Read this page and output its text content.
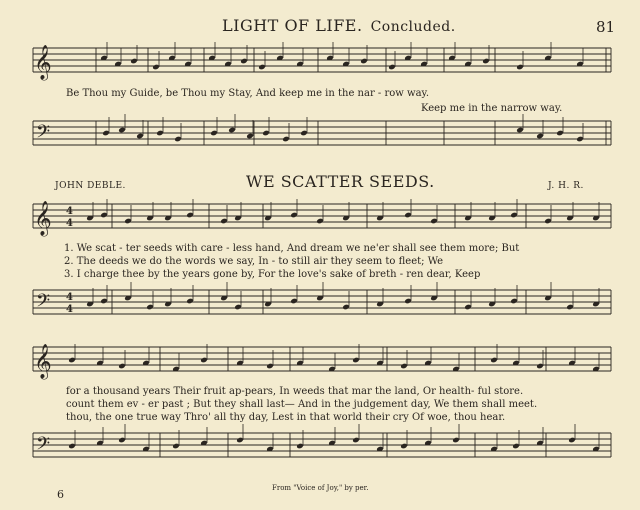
LIGHT OF LIFE. Concluded.	81
WE SCATTER SEEDS.
JOHN DEBLE.	J. H. R.
Be Thou my Guide, be Thou my Stay, And keep me in the nar - row way.
Keep me in the narrow way.
1. We scat - ter seeds with care - less hand, And dream we ne'er shall see them more; But
2. The deeds we do the words we say, In - to still air they seem to fleet; We
3. I charge thee by the years gone by, For the love's sake of breth - ren dear, Keep
for a thousand years Their fruit ap-pears, In weeds that mar the land, Or health- ful store.
count them ev - er past ; But they shall last— And in the judgement day, We them shall meet.
thou, the one true way Thro' all thy day, Lest in that world their cry Of woe, thou hear.
From "Voice of Joy," by per.
6
𝄞
𝄢
𝄞
𝄢
4
4
4
4
𝄞
𝄢
